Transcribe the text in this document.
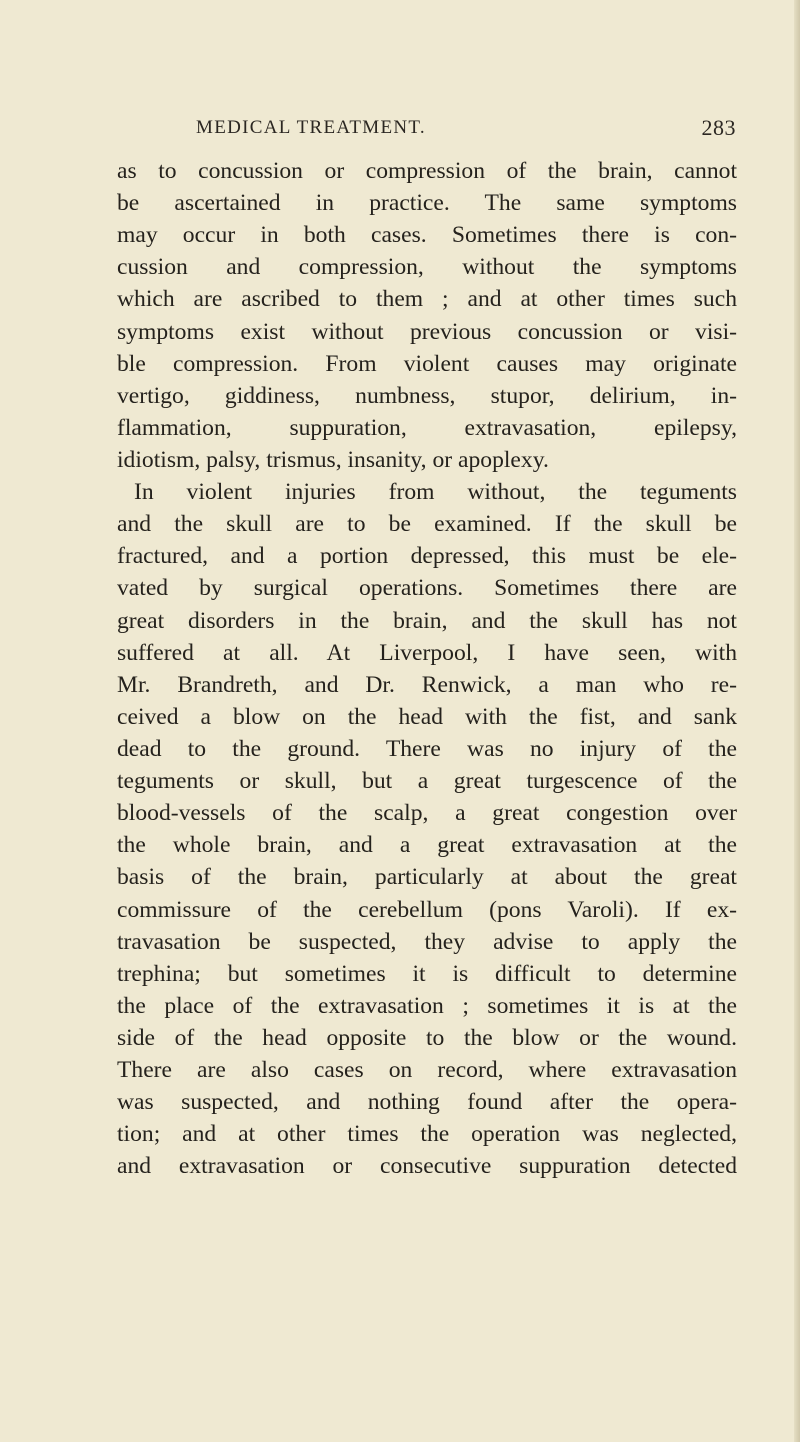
MEDICAL TREATMENT.	283
as to concussion or compression of the brain, cannot
be ascertained in practice. The same symptoms
may occur in both cases. Sometimes there is con-
cussion and compression, without the symptoms
which are ascribed to them ; and at other times such
symptoms exist without previous concussion or visi-
ble compression. From violent causes may originate
vertigo, giddiness, numbness, stupor, delirium, in-
flammation, suppuration, extravasation, epilepsy,
idiotism, palsy, trismus, insanity, or apoplexy.
In violent injuries from without, the teguments
and the skull are to be examined. If the skull be
fractured, and a portion depressed, this must be ele-
vated by surgical operations. Sometimes there are
great disorders in the brain, and the skull has not
suffered at all. At Liverpool, I have seen, with
Mr. Brandreth, and Dr. Renwick, a man who re-
ceived a blow on the head with the fist, and sank
dead to the ground. There was no injury of the
teguments or skull, but a great turgescence of the
blood-vessels of the scalp, a great congestion over
the whole brain, and a great extravasation at the
basis of the brain, particularly at about the great
commissure of the cerebellum (pons Varoli). If ex-
travasation be suspected, they advise to apply the
trephina; but sometimes it is difficult to determine
the place of the extravasation ; sometimes it is at the
side of the head opposite to the blow or the wound.
There are also cases on record, where extravasation
was suspected, and nothing found after the opera-
tion; and at other times the operation was neglected,
and extravasation or consecutive suppuration detected
